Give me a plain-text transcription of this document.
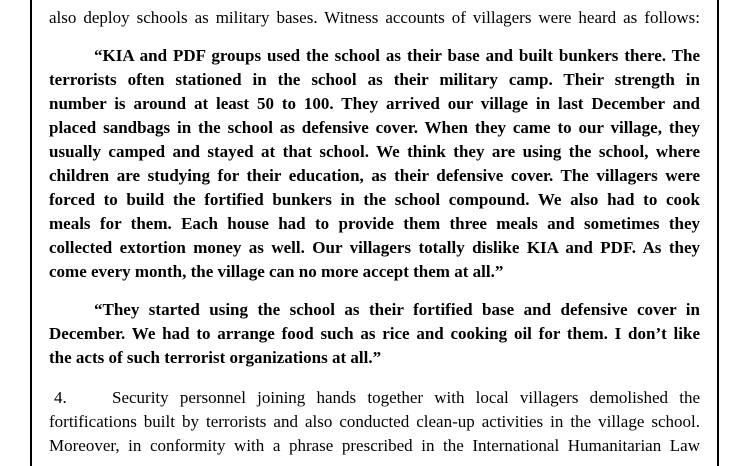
also deploy schools as military bases. Witness accounts of villagers were heard as follows:
“KIA and PDF groups used the school as their base and built bunkers there. The
terrorists often stationed in the school as their military camp. Their strength in
number is around at least 50 to 100. They arrived our village in last December and
placed sandbags in the school as defensive cover. When they came to our village, they
usually camped and stayed at that school. We think they are using the school, where
children are studying for their education, as their defensive cover. The villagers were
forced to build the fortified bunkers in the school compound. We also had to cook
meals for them. Each house had to provide them three meals and sometimes they
collected extortion money as well. Our villagers totally dislike KIA and PDF. As they
come every month, the village can no more accept them at all.”
“They started using the school as their fortified base and defensive cover in
December. We had to arrange food such as rice and cooking oil for them. I don’t like
the acts of such terrorist organizations at all.”
4.	Security personnel joining hands together with local villagers demolished the
fortifications built by terrorists and also conducted clean-up activities in the village school.
Moreover, in conformity with a phrase prescribed in the International Humanitarian Law
